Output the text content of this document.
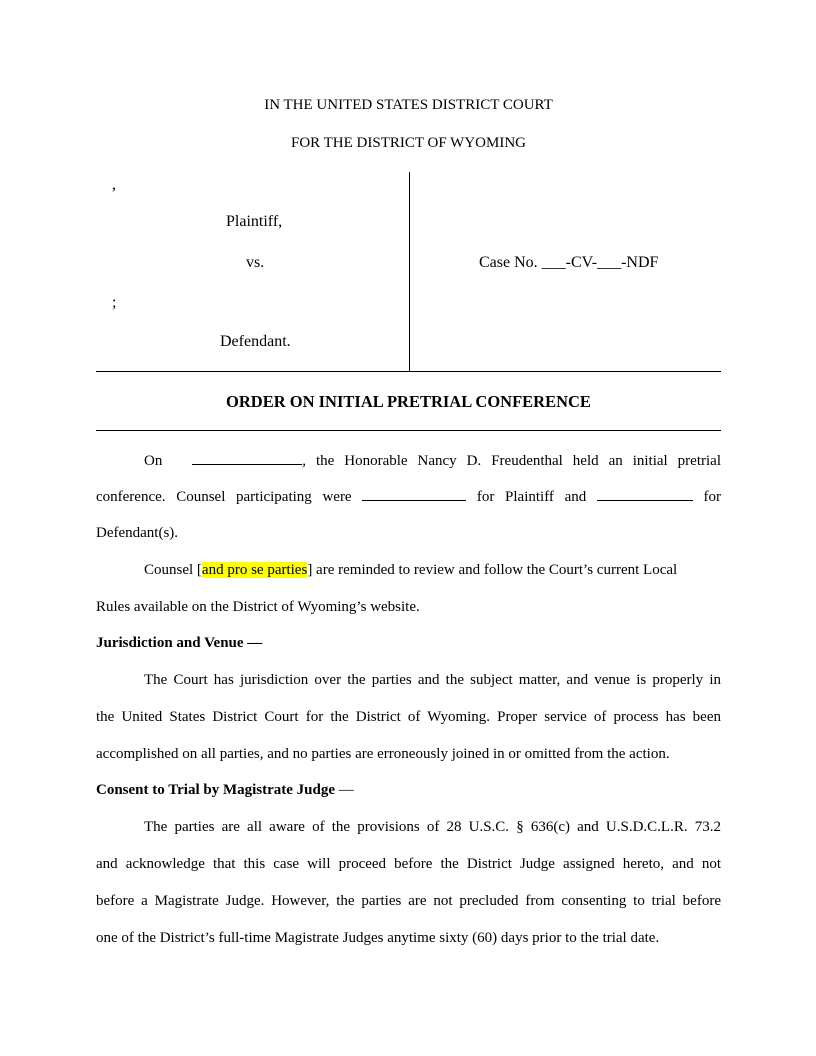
IN THE UNITED STATES DISTRICT COURT
FOR THE DISTRICT OF WYOMING
,
Plaintiff,
vs.
;
Defendant.
Case No. ___-CV-___-NDF
ORDER ON INITIAL PRETRIAL CONFERENCE
On	, the Honorable Nancy D. Freudenthal held an initial pretrial
conference. Counsel participating were	for Plaintiff and	for
Defendant(s).
Counsel [and pro se parties] are reminded to review and follow the Court’s current Local
Rules available on the District of Wyoming’s website.
Jurisdiction and Venue —
The Court has jurisdiction over the parties and the subject matter, and venue is properly in
the United States District Court for the District of Wyoming. Proper service of process has been
accomplished on all parties, and no parties are erroneously joined in or omitted from the action.
Consent to Trial by Magistrate Judge —
The parties are all aware of the provisions of 28 U.S.C. § 636(c) and U.S.D.C.L.R. 73.2
and acknowledge that this case will proceed before the District Judge assigned hereto, and not
before a Magistrate Judge. However, the parties are not precluded from consenting to trial before
one of the District’s full-time Magistrate Judges anytime sixty (60) days prior to the trial date.
